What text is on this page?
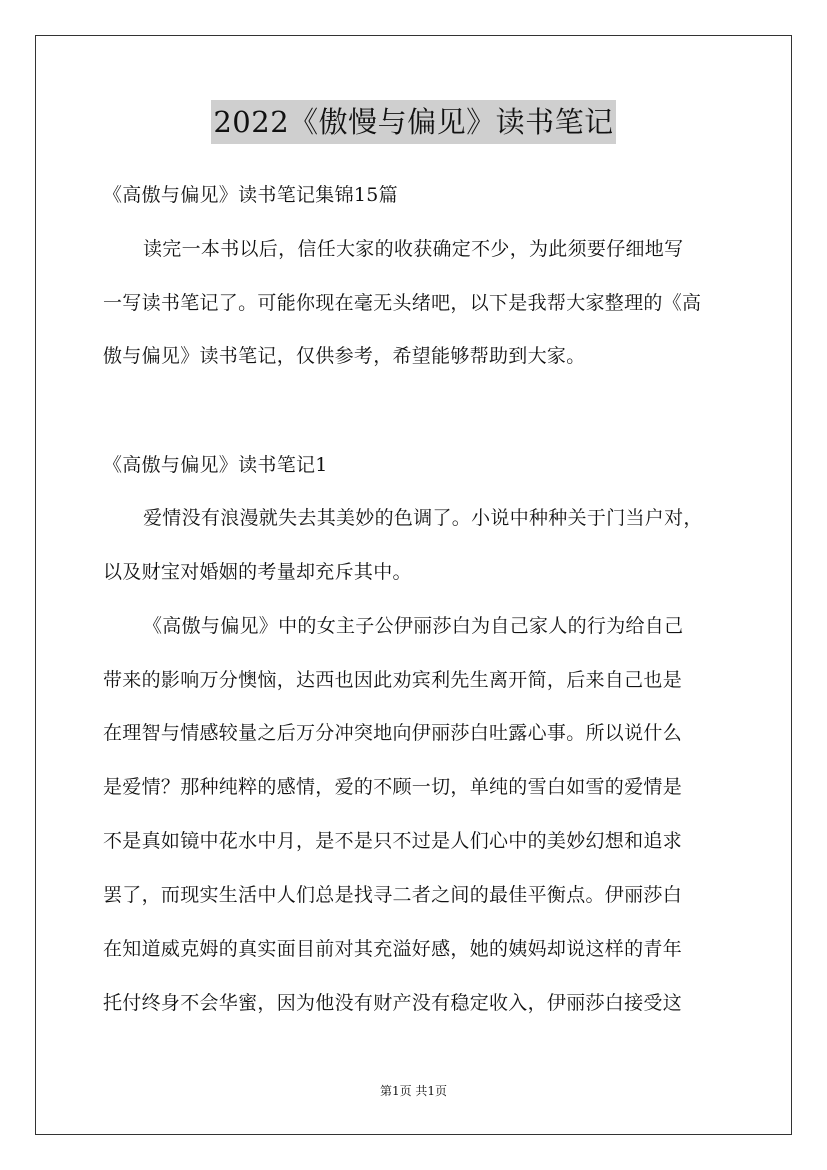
2022《傲慢与偏见》读书笔记
《高傲与偏见》读书笔记集锦15篇
读完一本书以后，信任大家的收获确定不少，为此须要仔细地写
一写读书笔记了。可能你现在毫无头绪吧，以下是我帮大家整理的《高
傲与偏见》读书笔记，仅供参考，希望能够帮助到大家。
《高傲与偏见》读书笔记1
爱情没有浪漫就失去其美妙的色调了。小说中种种关于门当户对，
以及财宝对婚姻的考量却充斥其中。
《高傲与偏见》中的女主子公伊丽莎白为自己家人的行为给自己
带来的影响万分懊恼，达西也因此劝宾利先生离开简，后来自己也是
在理智与情感较量之后万分冲突地向伊丽莎白吐露心事。所以说什么
是爱情？那种纯粹的感情，爱的不顾一切，单纯的雪白如雪的爱情是
不是真如镜中花水中月，是不是只不过是人们心中的美妙幻想和追求
罢了，而现实生活中人们总是找寻二者之间的最佳平衡点。伊丽莎白
在知道威克姆的真实面目前对其充溢好感，她的姨妈却说这样的青年
托付终身不会华蜜，因为他没有财产没有稳定收入，伊丽莎白接受这
第1页 共1页
